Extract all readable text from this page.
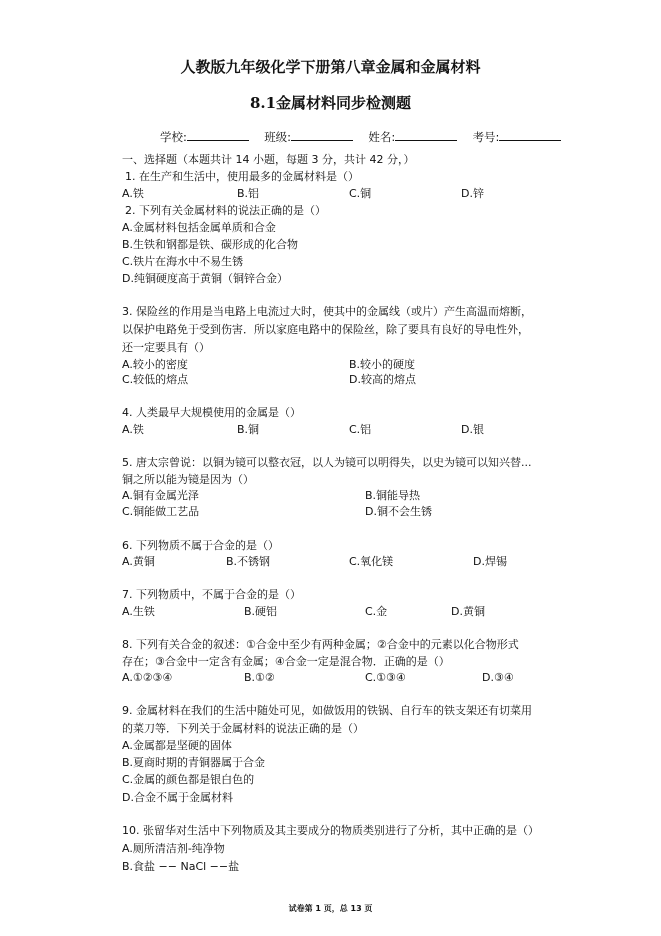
人教版九年级化学下册第八章金属和金属材料
8.1金属材料同步检测题
学校:	班级:	姓名:	考号:
一、选择题（本题共计 14 小题，每题 3 分，共计 42 分，）
1. 在生产和生活中，使用最多的金属材料是（）
A.铁	B.铝	C.铜	D.锌
2. 下列有关金属材料的说法正确的是（）
A.金属材料包括金属单质和合金
B.生铁和钢都是铁、碳形成的化合物
C.铁片在海水中不易生锈
D.纯铜硬度高于黄铜（铜锌合金）
3. 保险丝的作用是当电路上电流过大时，使其中的金属线（或片）产生高温而熔断，
以保护电路免于受到伤害．所以家庭电路中的保险丝，除了要具有良好的导电性外，
还一定要具有（）
A.较小的密度	B.较小的硬度
C.较低的熔点	D.较高的熔点
4. 人类最早大规模使用的金属是（）
A.铁	B.铜	C.铝	D.银
5. 唐太宗曾说：以铜为镜可以整衣冠，以人为镜可以明得失，以史为镜可以知兴替...
铜之所以能为镜是因为（）
A.铜有金属光泽	B.铜能导热
C.铜能做工艺品	D.铜不会生锈
6. 下列物质不属于合金的是（）
A.黄铜	B.不锈钢	C.氧化镁	D.焊锡
7. 下列物质中，不属于合金的是（）
A.生铁	B.硬铝	C.金	D.黄铜
8. 下列有关合金的叙述：①合金中至少有两种金属；②合金中的元素以化合物形式
存在；③合金中一定含有金属；④合金一定是混合物．正确的是（）
A.①②③④	B.①②	C.①③④	D.③④
9. 金属材料在我们的生活中随处可见，如做饭用的铁锅、自行车的铁支架还有切菜用
的菜刀等．下列关于金属材料的说法正确的是（）
A.金属都是坚硬的固体
B.夏商时期的青铜器属于合金
C.金属的颜色都是银白色的
D.合金不属于金属材料
10. 张留华对生活中下列物质及其主要成分的物质类别进行了分析，其中正确的是（）
A.厕所清洁剂-纯净物
B.食盐 −− NaCl −−盐
试卷第 1 页，总 13 页
